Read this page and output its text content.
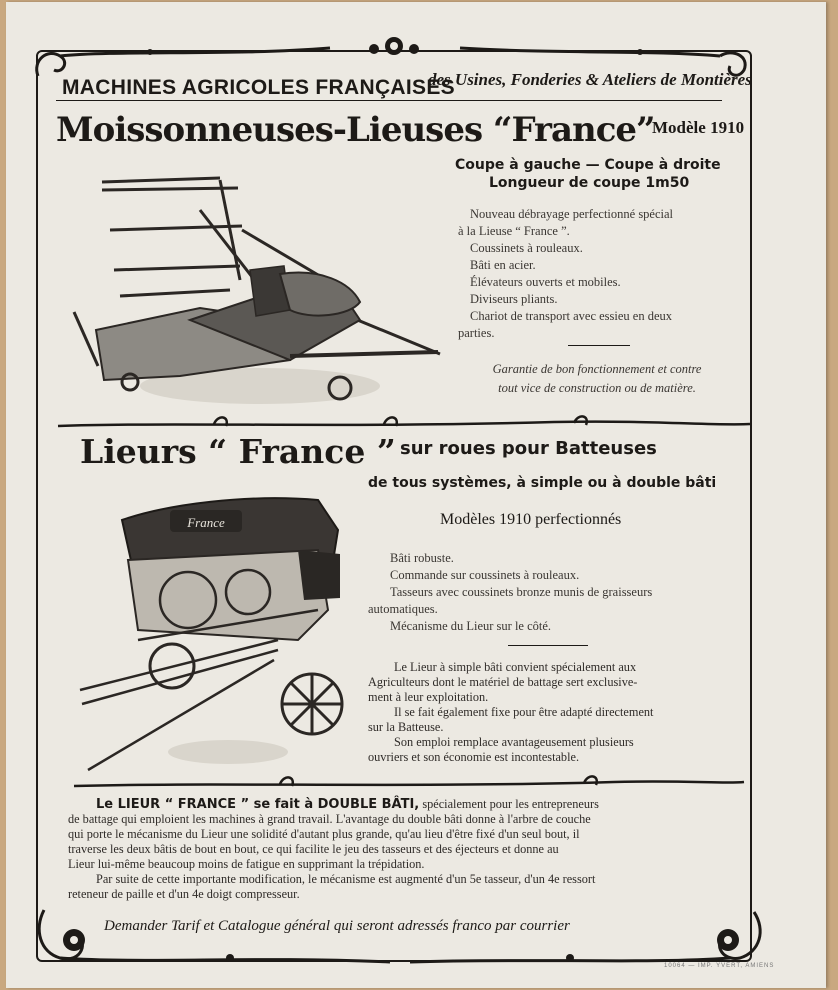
MACHINES AGRICOLES FRANÇAISES
des Usines, Fonderies & Ateliers de Montières
Moissonneuses-Lieuses “France”
Modèle 1910
Coupe à gauche — Coupe à droite
Longueur de coupe 1m50
Nouveau débrayage perfectionné spécial
à la Lieuse “ France ”.
Coussinets à rouleaux.
Bâti en acier.
Élévateurs ouverts et mobiles.
Diviseurs pliants.
Chariot de transport avec essieu en deux
parties.
Garantie de bon fonctionnement et contre
tout vice de construction ou de matière.
Lieurs “ France ” sur roues pour Batteuses
de tous systèmes, à simple ou à double bâti
Modèles 1910 perfectionnés
Bâti robuste.
Commande sur coussinets à rouleaux.
Tasseurs avec coussinets bronze munis de graisseurs
automatiques.
Mécanisme du Lieur sur le côté.
Le Lieur à simple bâti convient spécialement aux
Agriculteurs dont le matériel de battage sert exclusive-
ment à leur exploitation.
Il se fait également fixe pour être adapté directement
sur la Batteuse.
Son emploi remplace avantageusement plusieurs
ouvriers et son économie est incontestable.
France
Le LIEUR “ FRANCE ” se fait à DOUBLE BÂTI, spécialement pour les entrepreneurs
de battage qui emploient les machines à grand travail. L'avantage du double bâti donne à l'arbre de couche
qui porte le mécanisme du Lieur une solidité d'autant plus grande, qu'au lieu d'être fixé d'un seul bout, il
traverse les deux bâtis de bout en bout, ce qui facilite le jeu des tasseurs et des éjecteurs et donne au
Lieur lui-même beaucoup moins de fatigue en supprimant la trépidation.
Par suite de cette importante modification, le mécanisme est augmenté d'un 5e tasseur, d'un 4e ressort
reteneur de paille et d'un 4e doigt compresseur.
Demander Tarif et Catalogue général qui seront adressés franco par courrier
10064 — IMP. YVERT, AMIENS
